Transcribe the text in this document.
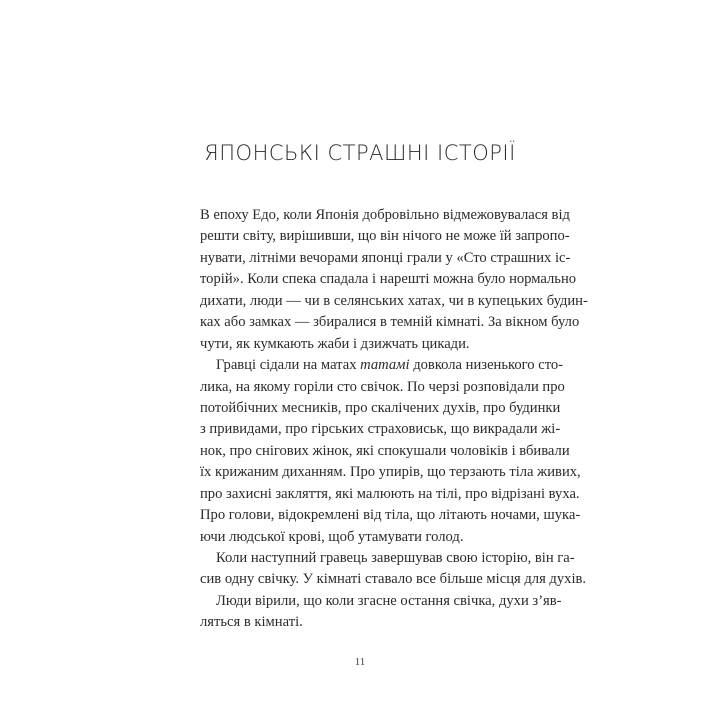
ЯПОНСЬКІ СТРАШНІ ІСТОРІЇ
В епоху Едо, коли Японія добровільно відмежовувалася від
решти світу, вирішивши, що він нічого не може їй запропо-
нувати, літніми вечорами японці грали у «Сто страшних іс-
торій». Коли спека спадала і нарешті можна було нормально
дихати, люди — чи в селянських хатах, чи в купецьких будин-
ках або замках — збиралися в темній кімнаті. За вікном було
чути, як кумкають жаби і дзижчать цикади.
Гравці сідали на матах татамі довкола низенького сто-
лика, на якому горіли сто свічок. По черзі розповідали про
потойбічних месників, про скалічених духів, про будинки
з привидами, про гірських страховиськ, що викрадали жі-
нок, про снігових жінок, які спокушали чоловіків і вбивали
їх крижаним диханням. Про упирів, що терзають тіла живих,
про захисні закляття, які малюють на тілі, про відрізані вуха.
Про голови, відокремлені від тіла, що літають ночами, шука-
ючи людської крові, щоб утамувати голод.
Коли наступний гравець завершував свою історію, він га-
сив одну свічку. У кімнаті ставало все більше місця для духів.
Люди вірили, що коли згасне остання свічка, духи з’яв-
ляться в кімнаті.
11
